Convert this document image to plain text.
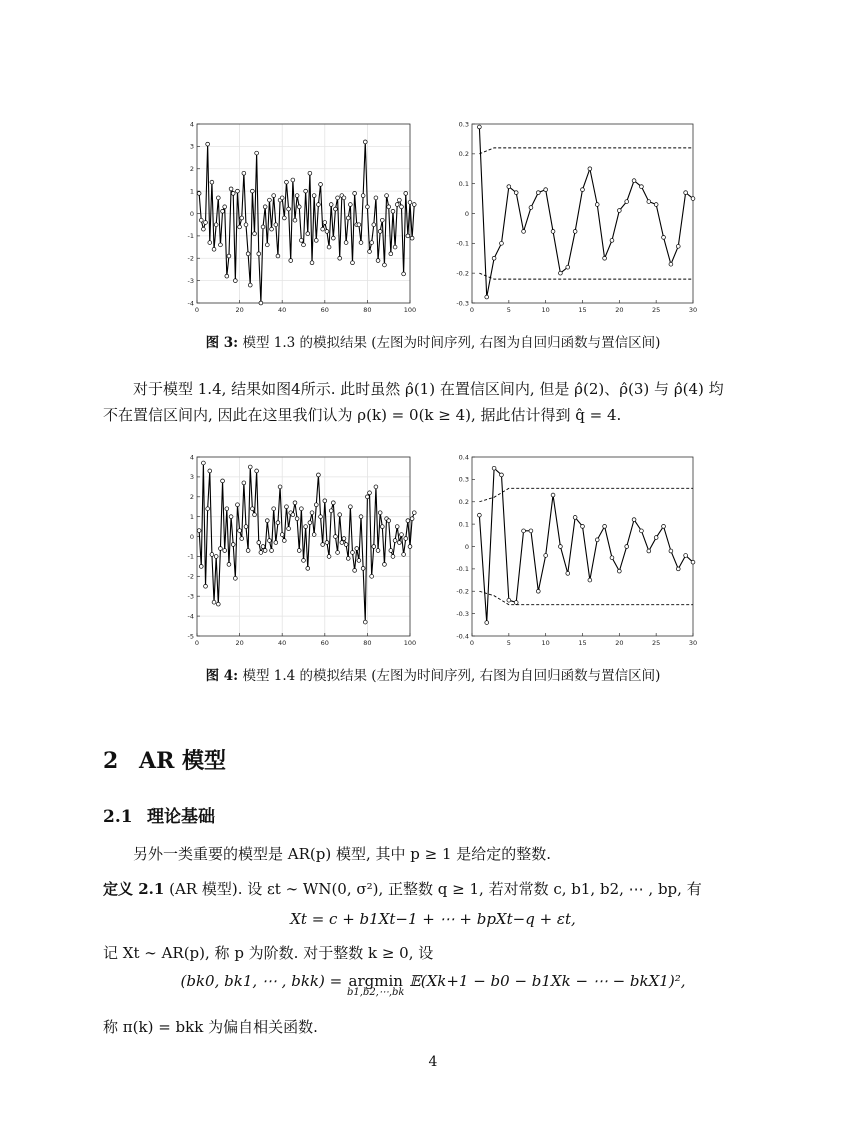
0	20	40	60	80	100
4
3
2
1
0
-1
-2
-3
-4
0	5	10	15	20	25	30
0.3
0.2
0.1
0
-0.1
-0.2
-0.3
图 3: 模型 1.3 的模拟结果 (左图为时间序列, 右图为自回归函数与置信区间)
对于模型 1.4, 结果如图4所示. 此时虽然 ρ̂(1) 在置信区间内, 但是 ρ̂(2)、ρ̂(3) 与 ρ̂(4) 均
不在置信区间内, 因此在这里我们认为 ρ(k) = 0(k ≥ 4), 据此估计得到 q̂ = 4.
0	20	40	60	80	100
4
3
2
1
0
-1
-2
-3
-4
-5
0	5	10	15	20	25	30
0.4
0.3
0.2
0.1
0
-0.1
-0.2
-0.3
-0.4
图 4: 模型 1.4 的模拟结果 (左图为时间序列, 右图为自回归函数与置信区间)
2 AR 模型
2.1 理论基础
另外一类重要的模型是 AR(p) 模型, 其中 p ≥ 1 是给定的整数.
定义 2.1 (AR 模型). 设 εt ∼ WN(0, σ²), 正整数 q ≥ 1, 若对常数 c, b1, b2, ⋯ , bp, 有
Xt = c + b1Xt−1 + ⋯ + bpXt−q + εt,
记 Xt ∼ AR(p), 称 p 为阶数. 对于整数 k ≥ 0, 设
(bk0, bk1, ⋯ , bkk) = argmin
b1,b2,⋯,bk
𝔼(Xk+1 − b0 − b1Xk − ⋯ − bkX1)²,
称 π(k) = bkk 为偏自相关函数.
4
